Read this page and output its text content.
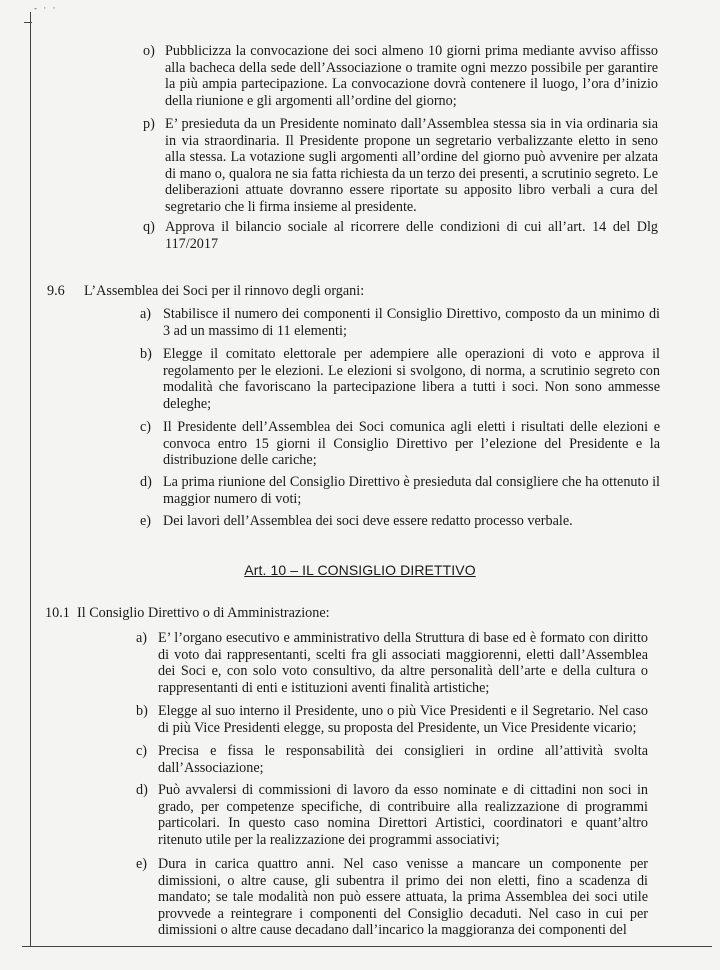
- · ·
o) Pubblicizza la convocazione dei soci almeno 10 giorni prima mediante avviso affisso alla bacheca della sede dell’Associazione o tramite ogni mezzo possibile per garantire la più ampia partecipazione. La convocazione dovrà contenere il luogo, l’ora d’inizio della riunione e gli argomenti all’ordine del giorno;
p) E’ presieduta da un Presidente nominato dall’Assemblea stessa sia in via ordinaria sia in via straordinaria. Il Presidente propone un segretario verbalizzante eletto in seno alla stessa. La votazione sugli argomenti all’ordine del giorno può avvenire per alzata di mano o, qualora ne sia fatta richiesta da un terzo dei presenti, a scrutinio segreto. Le deliberazioni attuate dovranno essere riportate su apposito libro verbali a cura del segretario che li firma insieme al presidente.
q) Approva il bilancio sociale al ricorrere delle condizioni di cui all’art. 14 del Dlg 117/2017
9.6 L’Assemblea dei Soci per il rinnovo degli organi:
a) Stabilisce il numero dei componenti il Consiglio Direttivo, composto da un minimo di 3 ad un massimo di 11 elementi;
b) Elegge il comitato elettorale per adempiere alle operazioni di voto e approva il regolamento per le elezioni. Le elezioni si svolgono, di norma, a scrutinio segreto con modalità che favoriscano la partecipazione libera a tutti i soci. Non sono ammesse deleghe;
c) Il Presidente dell’Assemblea dei Soci comunica agli eletti i risultati delle elezioni e convoca entro 15 giorni il Consiglio Direttivo per l’elezione del Presidente e la distribuzione delle cariche;
d) La prima riunione del Consiglio Direttivo è presieduta dal consigliere che ha ottenuto il maggior numero di voti;
e) Dei lavori dell’Assemblea dei soci deve essere redatto processo verbale.
Art. 10 – IL CONSIGLIO DIRETTIVO
10.1 Il Consiglio Direttivo o di Amministrazione:
a) E’ l’organo esecutivo e amministrativo della Struttura di base ed è formato con diritto di voto dai rappresentanti, scelti fra gli associati maggiorenni, eletti dall’Assemblea dei Soci e, con solo voto consultivo, da altre personalità dell’arte e della cultura o rappresentanti di enti e istituzioni aventi finalità artistiche;
b) Elegge al suo interno il Presidente, uno o più Vice Presidenti e il Segretario. Nel caso di più Vice Presidenti elegge, su proposta del Presidente, un Vice Presidente vicario;
c) Precisa e fissa le responsabilità dei consiglieri in ordine all’attività svolta dall’Associazione;
d) Può avvalersi di commissioni di lavoro da esso nominate e di cittadini non soci in grado, per competenze specifiche, di contribuire alla realizzazione di programmi particolari. In questo caso nomina Direttori Artistici, coordinatori e quant’altro ritenuto utile per la realizzazione dei programmi associativi;
e) Dura in carica quattro anni. Nel caso venisse a mancare un componente per dimissioni, o altre cause, gli subentra il primo dei non eletti, fino a scadenza di mandato; se tale modalità non può essere attuata, la prima Assemblea dei soci utile provvede a reintegrare i componenti del Consiglio decaduti. Nel caso in cui per dimissioni o altre cause decadano dall’incarico la maggioranza dei componenti del
